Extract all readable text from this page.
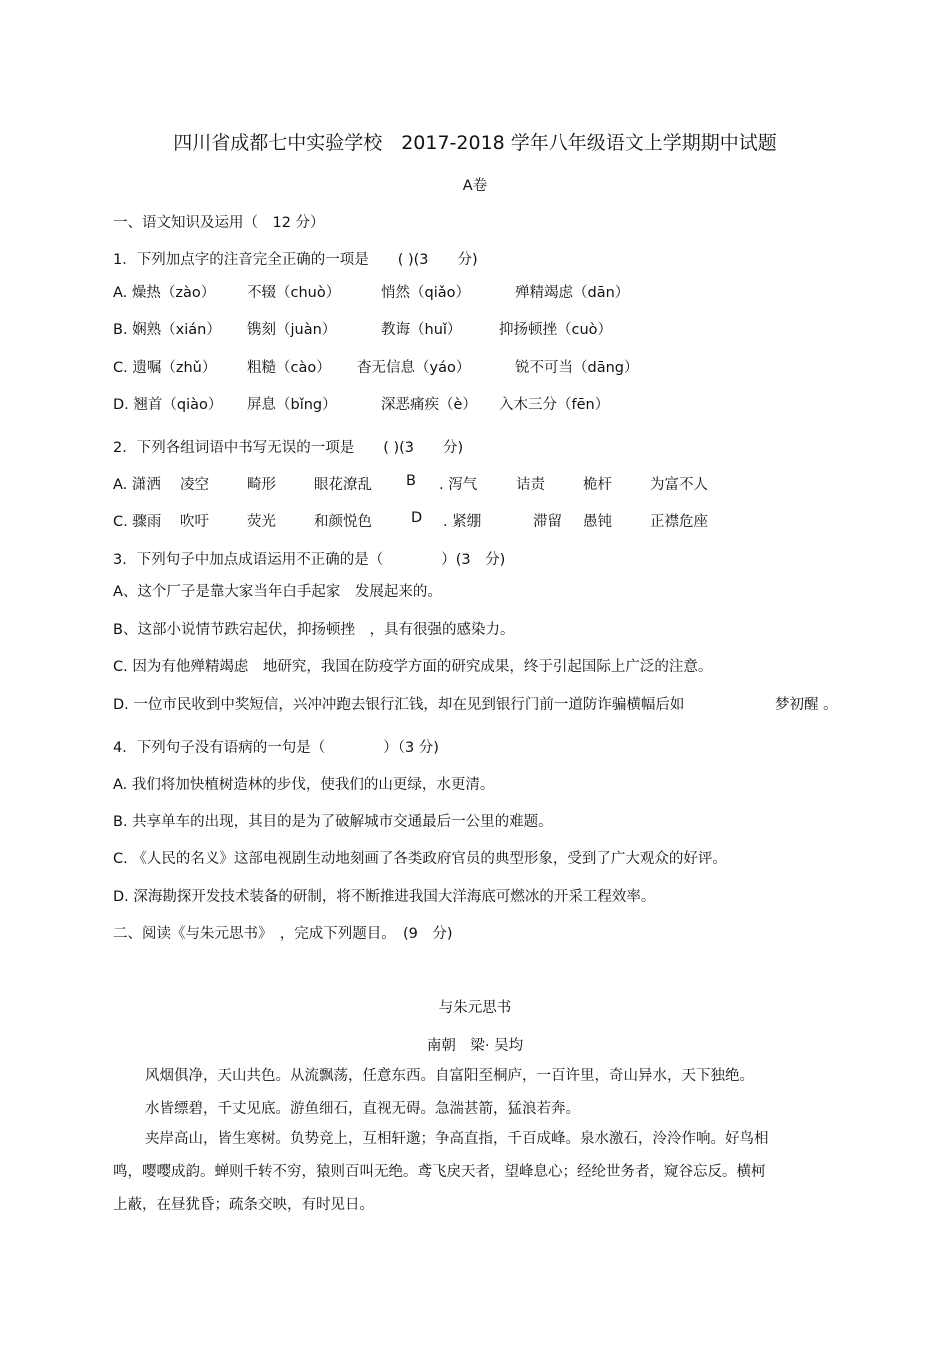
四川省成都七中实验学校　2017-2018 学年八年级语文上学期期中试题
A卷
一、语文知识及运用（　12 分）
1．下列加点字的注音完全正确的一项是　　( )(3　　分)
A. 燥热（zào） 不辍（chuò）	悄然（qiǎo）	殚精竭虑（dān）
B. 娴熟（xián） 镌刻（juàn）	教诲（huǐ）	抑扬顿挫（cuò）
C. 遗嘱（zhǔ） 粗糙（cào） 杳无信息（yáo）	锐不可当（dāng）
D. 翘首（qiào） 屏息（bǐng）	深恶痛疾（è） 入木三分（fēn）
2．下列各组词语中书写无误的一项是　　( )(3　　分)
A. 潇洒 凌空	畸形	眼花潦乱 B . 泻气	诘责	桅杆	为富不人
C. 骤雨 吹吁	荧光	和颜悦色	D . 紧绷	滞留 愚钝	正襟危座
3．下列句子中加点成语运用不正确的是（　　　　）(3　分)
A、这个厂子是靠大家当年白手起家　发展起来的。
B、这部小说情节跌宕起伏，抑扬顿挫　，具有很强的感染力。
C. 因为有他殚精竭虑　地研究，我国在防疫学方面的研究成果，终于引起国际上广泛的注意。
D. 一位市民收到中奖短信，兴冲冲跑去银行汇钱，却在见到银行门前一道防诈骗横幅后如	梦初醒 。
4．下列句子没有语病的一句是（　　　　）（3 分)
A. 我们将加快植树造林的步伐，使我们的山更绿，水更清。
B. 共享单车的出现，其目的是为了破解城市交通最后一公里的难题。
C. 《人民的名义》这部电视剧生动地刻画了各类政府官员的典型形象，受到了广大观众的好评。
D. 深海勘探开发技术装备的研制，将不断推进我国大洋海底可燃冰的开采工程效率。
二、阅读《与朱元思书》　，完成下列题目。　(9　分)
与朱元思书
南朝　梁· 吴均
风烟俱净，天山共色。从流飘荡，任意东西。自富阳至桐庐，一百许里，奇山异水，天下独绝。
水皆缥碧，千丈见底。游鱼细石，直视无碍。急湍甚箭，猛浪若奔。
夹岸高山，皆生寒树。负势竞上，互相轩邈；争高直指，千百成峰。泉水激石，泠泠作响。好鸟相鸣，嘤嘤成韵。蝉则千转不穷，猿则百叫无绝。鸢飞戾天者，望峰息心；经纶世务者，窥谷忘反。横柯上蔽，在昼犹昏；疏条交映，有时见日。
